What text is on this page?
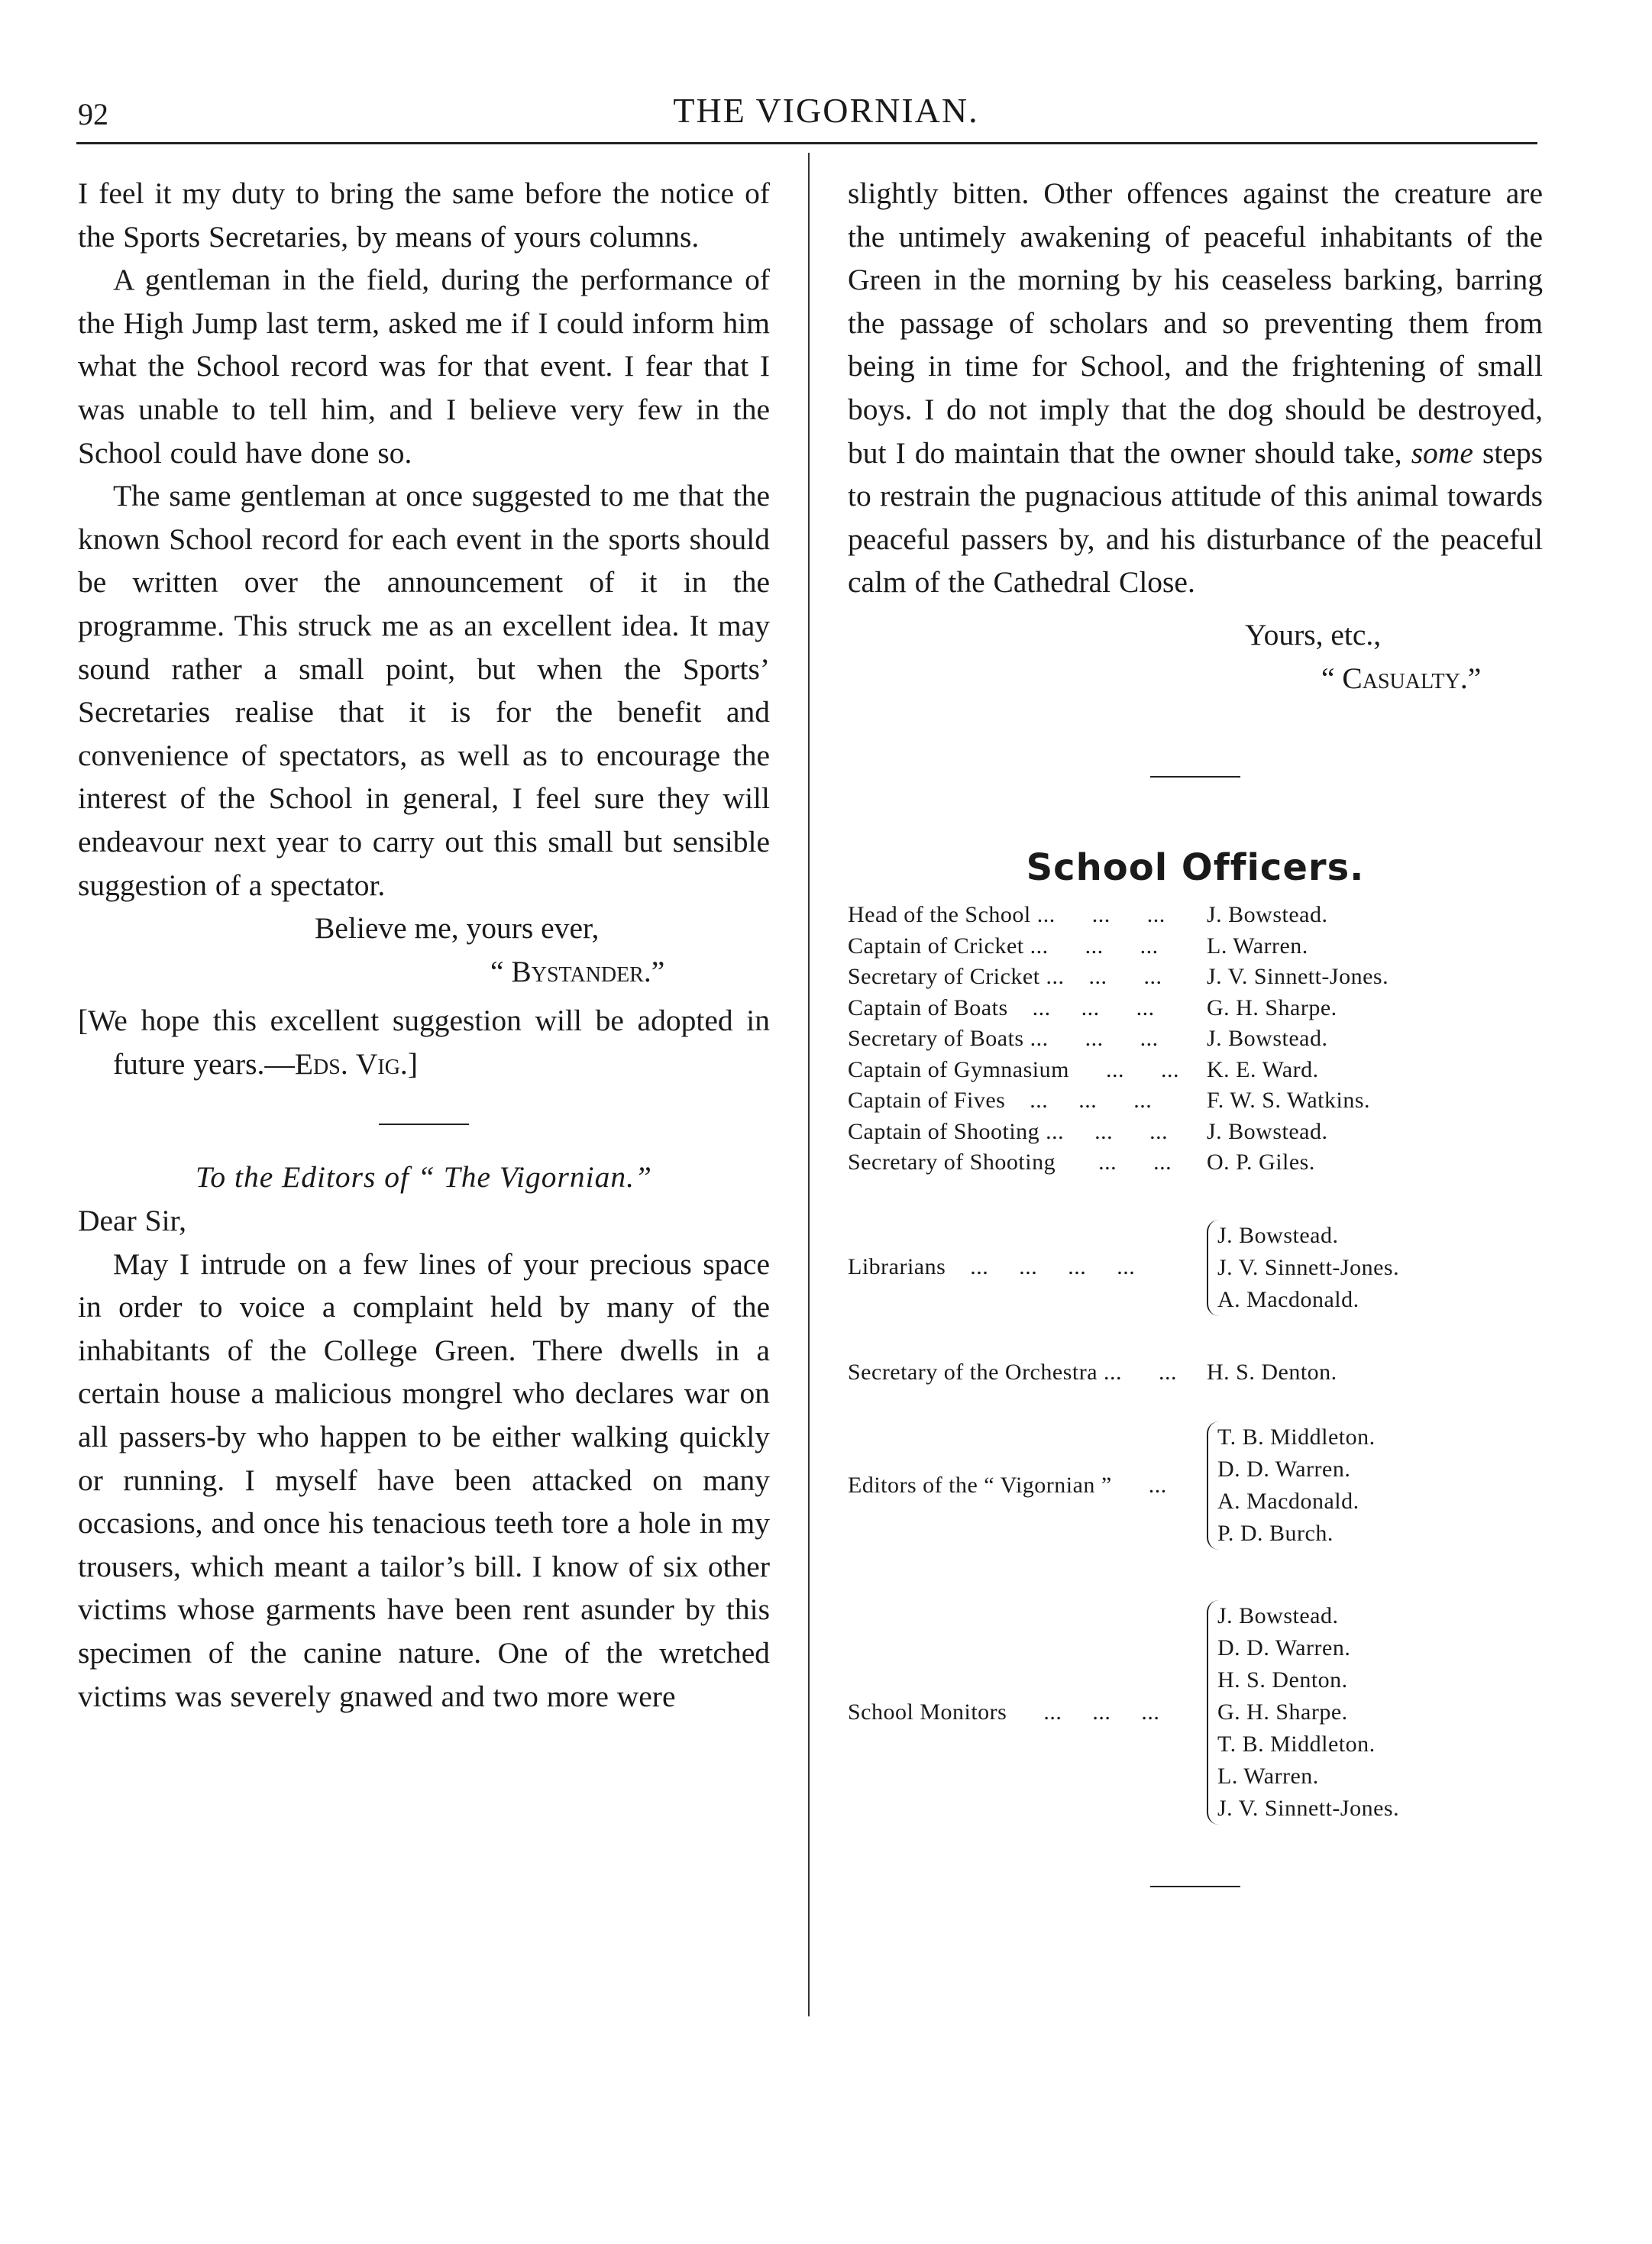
92	THE VIGORNIAN.

I feel it my duty to bring the same before the notice of the Sports Secretaries, by means of yours columns.

A gentleman in the field, during the performance of the High Jump last term, asked me if I could inform him what the School record was for that event. I fear that I was unable to tell him, and I believe very few in the School could have done so.

The same gentleman at once suggested to me that the known School record for each event in the sports should be written over the announcement of it in the programme. This struck me as an excellent idea. It may sound rather a small point, but when the Sports’ Secretaries realise that it is for the benefit and convenience of spectators, as well as to encourage the interest of the School in general, I feel sure they will endeavour next year to carry out this small but sensible suggestion of a spectator.

Believe me, yours ever,

“ Bystander.”

[We hope this excellent suggestion will be adopted in future years.—Eds. Vig.]

To the Editors of “ The Vigornian.”

Dear Sir,

May I intrude on a few lines of your precious space in order to voice a complaint held by many of the inhabitants of the College Green. There dwells in a certain house a malicious mongrel who declares war on all passers-by who happen to be either walking quickly or running. I myself have been attacked on many occasions, and once his tenacious teeth tore a hole in my trousers, which meant a tailor’s bill. I know of six other victims whose garments have been rent asunder by this specimen of the canine nature. One of the wretched victims was severely gnawed and two more were

slightly bitten. Other offences against the creature are the untimely awakening of peaceful inhabitants of the Green in the morning by his ceaseless barking, barring the passage of scholars and so preventing them from being in time for School, and the frightening of small boys. I do not imply that the dog should be destroyed, but I do maintain that the owner should take, some steps to restrain the pugnacious attitude of this animal towards peaceful passers by, and his disturbance of the peaceful calm of the Cathedral Close.

Yours, etc.,

“ Casualty.”

School Officers.

Head of the School ...      ...      ...	J. Bowstead.
Captain of Cricket ...      ...      ...	L. Warren.
Secretary of Cricket ...    ...      ...	J. V. Sinnett-Jones.
Captain of Boats    ...     ...      ...	G. H. Sharpe.
Secretary of Boats ...      ...      ...	J. Bowstead.
Captain of Gymnasium      ...      ...	K. E. Ward.
Captain of Fives    ...     ...      ...	F. W. S. Watkins.
Captain of Shooting ...     ...      ...	J. Bowstead.
Secretary of Shooting       ...      ...	O. P. Giles.
Librarians    ...     ...     ...     ...
J. Bowstead.
J. V. Sinnett-Jones.
A. Macdonald.
Secretary of the Orchestra ...      ...	H. S. Denton.
Editors of the “ Vigornian ”      ...
T. B. Middleton.
D. D. Warren.
A. Macdonald.
P. D. Burch.
School Monitors      ...     ...     ...
J. Bowstead.
D. D. Warren.
H. S. Denton.
G. H. Sharpe.
T. B. Middleton.
L. Warren.
J. V. Sinnett-Jones.
